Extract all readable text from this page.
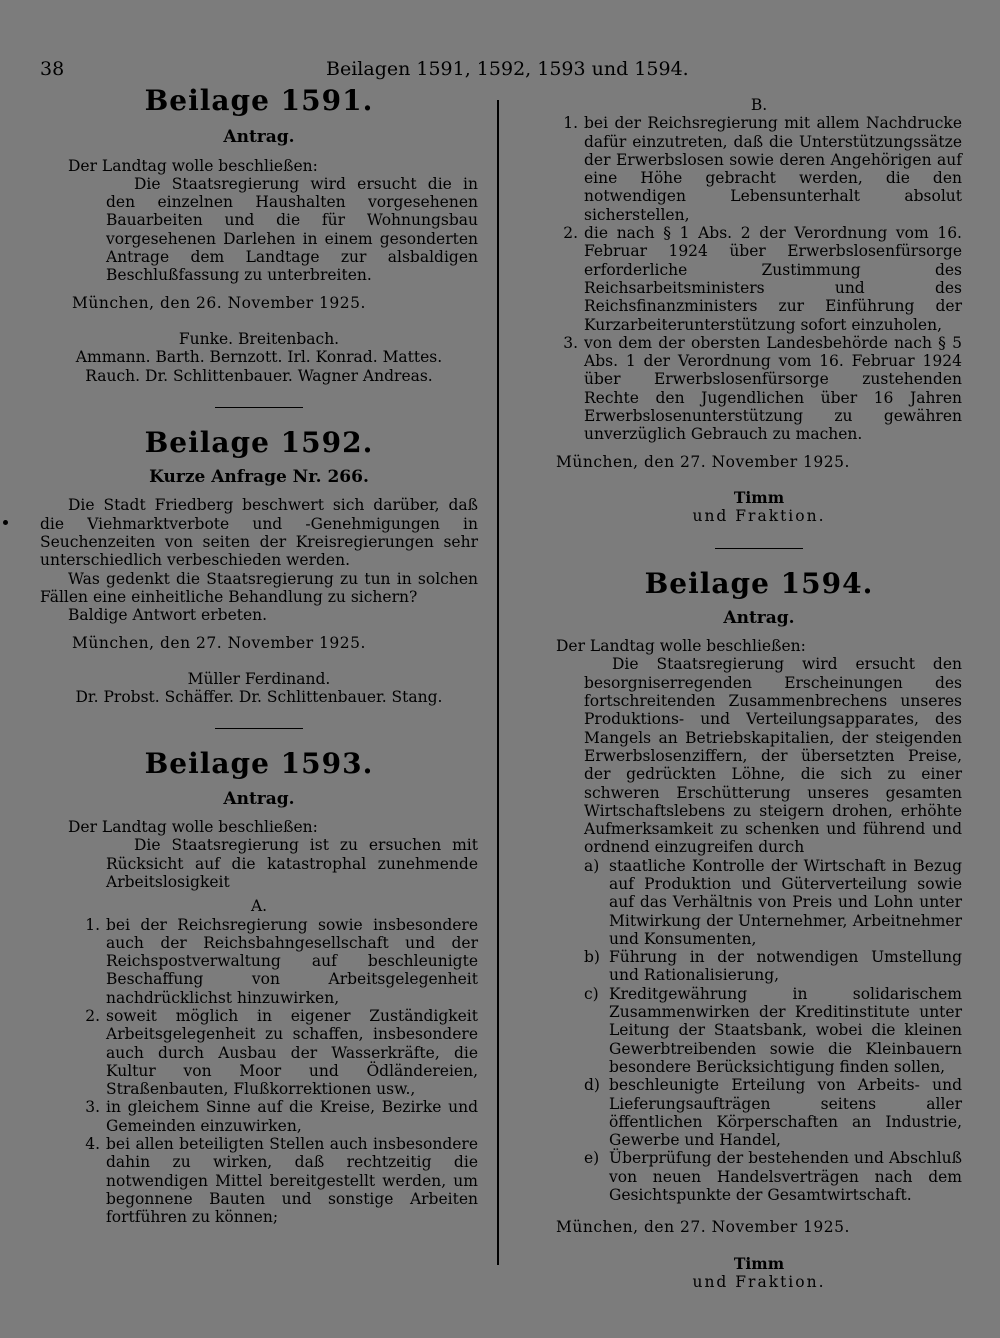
38	Beilagen 1591, 1592, 1593 und 1594.
Beilage 1591.
Antrag.

Der Landtag wolle beschließen:

Die Staatsregierung wird ersucht die in den einzelnen Haushalten vorgesehenen Bauarbeiten und die für Wohnungsbau vorgesehenen Darlehen in einem gesonderten Antrage dem Landtage zur alsbaldigen Beschlußfassung zu unterbreiten.

München, den 26. November 1925.

Funke. Breitenbach.
Ammann. Barth. Bernzott. Irl. Konrad. Mattes.
Rauch. Dr. Schlittenbauer. Wagner Andreas.
Beilage 1592.
Kurze Anfrage Nr. 266.

Die Stadt Friedberg beschwert sich darüber, daß die Viehmarktverbote und -Genehmigungen in Seuchenzeiten von seiten der Kreisregierungen sehr unterschiedlich verbeschieden werden.

Was gedenkt die Staatsregierung zu tun in solchen Fällen eine einheitliche Behandlung zu sichern?

Baldige Antwort erbeten.

München, den 27. November 1925.

Müller Ferdinand.
Dr. Probst. Schäffer. Dr. Schlittenbauer. Stang.
Beilage 1593.
Antrag.

Der Landtag wolle beschließen:

Die Staatsregierung ist zu ersuchen mit Rücksicht auf die katastrophal zunehmende Arbeitslosigkeit

A.
1. bei der Reichsregierung sowie insbesondere auch der Reichsbahngesellschaft und der Reichspostverwaltung auf beschleunigte Beschaffung von Arbeitsgelegenheit nachdrücklichst hinzuwirken,
2. soweit möglich in eigener Zuständigkeit Arbeitsgelegenheit zu schaffen, insbesondere auch durch Ausbau der Wasserkräfte, die Kultur von Moor und Ödländereien, Straßenbauten, Flußkorrektionen usw.,
3. in gleichem Sinne auf die Kreise, Bezirke und Gemeinden einzuwirken,
4. bei allen beteiligten Stellen auch insbesondere dahin zu wirken, daß rechtzeitig die notwendigen Mittel bereitgestellt werden, um begonnene Bauten und sonstige Arbeiten fortführen zu können;
B.
1. bei der Reichsregierung mit allem Nachdrucke dafür einzutreten, daß die Unterstützungssätze der Erwerbslosen sowie deren Angehörigen auf eine Höhe gebracht werden, die den notwendigen Lebensunterhalt absolut sicherstellen,
2. die nach § 1 Abs. 2 der Verordnung vom 16. Februar 1924 über Erwerbslosenfürsorge erforderliche Zustimmung des Reichsarbeitsministers und des Reichsfinanzministers zur Einführung der Kurzarbeiterunterstützung sofort einzuholen,
3. von dem der obersten Landesbehörde nach § 5 Abs. 1 der Verordnung vom 16. Februar 1924 über Erwerbslosenfürsorge zustehenden Rechte den Jugendlichen über 16 Jahren Erwerbslosenunterstützung zu gewähren unverzüglich Gebrauch zu machen.

München, den 27. November 1925.

Timm
und Fraktion.
Beilage 1594.
Antrag.

Der Landtag wolle beschließen:

Die Staatsregierung wird ersucht den besorgniserregenden Erscheinungen des fortschreitenden Zusammenbrechens unseres Produktions- und Verteilungsapparates, des Mangels an Betriebskapitalien, der steigenden Erwerbslosenziffern, der übersetzten Preise, der gedrückten Löhne, die sich zu einer schweren Erschütterung unseres gesamten Wirtschaftslebens zu steigern drohen, erhöhte Aufmerksamkeit zu schenken und führend und ordnend einzugreifen durch

a) staatliche Kontrolle der Wirtschaft in Bezug auf Produktion und Güterverteilung sowie auf das Verhältnis von Preis und Lohn unter Mitwirkung der Unternehmer, Arbeitnehmer und Konsumenten,
b) Führung in der notwendigen Umstellung und Rationalisierung,
c) Kreditgewährung in solidarischem Zusammenwirken der Kreditinstitute unter Leitung der Staatsbank, wobei die kleinen Gewerbtreibenden sowie die Kleinbauern besondere Berücksichtigung finden sollen,
d) beschleunigte Erteilung von Arbeits- und Lieferungsaufträgen seitens aller öffentlichen Körperschaften an Industrie, Gewerbe und Handel,
e) Überprüfung der bestehenden und Abschluß von neuen Handelsverträgen nach dem Gesichtspunkte der Gesamtwirtschaft.

München, den 27. November 1925.

Timm
und Fraktion.
